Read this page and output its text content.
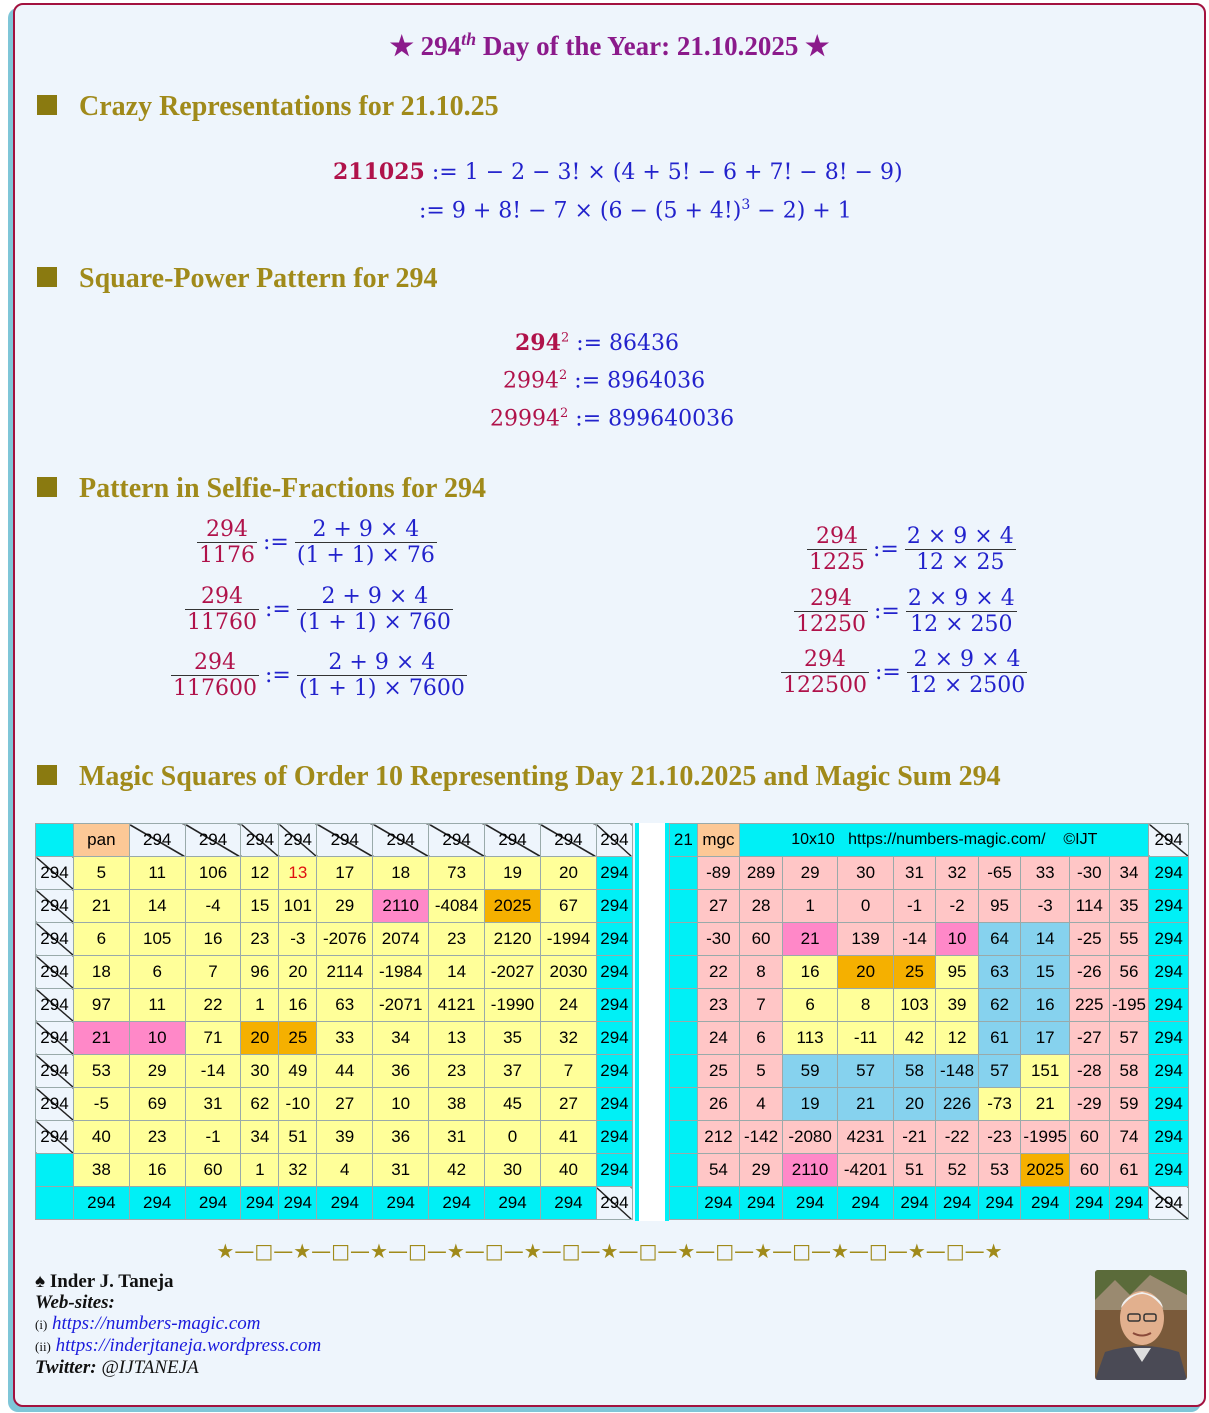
★ 294th Day of the Year: 21.10.2025 ★
Crazy Representations for 21.10.25
211025 := 1 − 2 − 3! × (4 + 5! − 6 + 7! − 8! − 9)
:= 9 + 8! − $7 \times (6 - (5 + 4!)^3 - 2) + 1$
Square-Power Pattern for 294
$294^2$ := 86436
2994$^2$ := 8964036
29994$^2$ := 899640036
Pattern in Selfie-Fractions for 294
$\frac{294}{1176}$ := $\frac{2 + 9 \times 4}{(1 + 1) \times 76}$
$\frac{294}{11760}$ := $\frac{2 + 9 \times 4}{(1 + 1) \times 760}$
$\frac{294}{117600}$ := $\frac{2 + 9 \times 4}{(1 + 1) \times 7600}$
$\frac{294}{1225}$ := $\frac{2 \times 9 \times 4}{12 \times 25}$
$\frac{294}{12250}$ := $\frac{2 \times 9 \times 4}{12 \times 250}$
$\frac{294}{122500}$ := $\frac{2 \times 9 \times 4}{12 \times 2500}$
Magic Squares of Order 10 Representing Day 21.10.2025 and Magic Sum 294
	pan	294	294	294	294	294	294	294	294	294	294
294	5	11	106	12	13	17	18	73	19	20	294
294	21	14	-4	15	101	29	2110	-4084	2025	67	294
294	6	105	16	23	-3	-2076	2074	23	2120	-1994	294
294	18	6	7	96	20	2114	-1984	14	-2027	2030	294
294	97	11	22	1	16	63	-2071	4121	-1990	24	294
294	21	10	71	20	25	33	34	13	35	32	294
294	53	29	-14	30	49	44	36	23	37	7	294
294	-5	69	31	62	-10	27	10	38	45	27	294
294	40	23	-1	34	51	39	36	31	0	41	294
	38	16	60	1	32	4	31	42	30	40	294
	294	294	294	294	294	294	294	294	294	294	294
21	mgc	10x10   https://numbers-magic.com/    ©IJT									294
	-89	289	29	30	31	32	-65	33	-30	34	294
	27	28	1	0	-1	-2	95	-3	114	35	294
	-30	60	21	139	-14	10	64	14	-25	55	294
	22	8	16	20	25	95	63	15	-26	56	294
	23	7	6	8	103	39	62	16	225	-195	294
	24	6	113	-11	42	12	61	17	-27	57	294
	25	5	59	57	58	-148	57	151	-28	58	294
	26	4	19	21	20	226	-73	21	-29	59	294
	212	-142	-2080	4231	-21	-22	-23	-1995	60	74	294
	54	29	2110	-4201	51	52	53	2025	60	61	294
	294	294	294	294	294	294	294	294	294	294	294
★—□—★—□—★—□—★—□—★—□—★—□—★—□—★—□—★—□—★—□—★
♠ Inder J. Taneja
Web-sites:
(i) https://numbers-magic.com
(ii) https://inderjtaneja.wordpress.com
Twitter: @IJTANEJA
